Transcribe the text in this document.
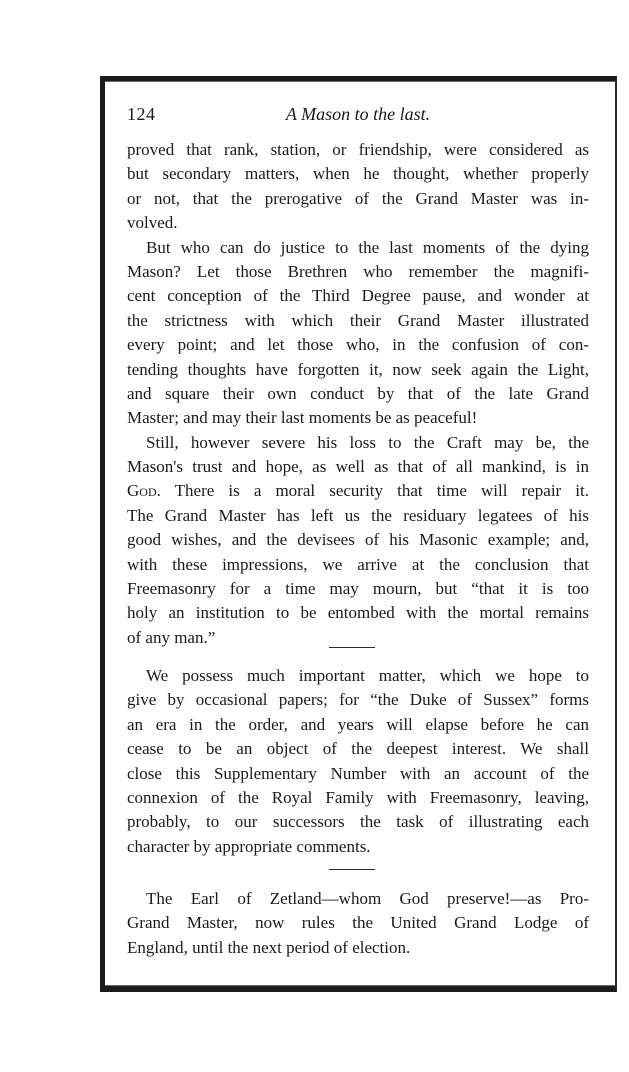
124	A Mason to the last.
proved that rank, station, or friendship, were considered as
but secondary matters, when he thought, whether properly
or not, that the prerogative of the Grand Master was in-
volved.
But who can do justice to the last moments of the dying
Mason? Let those Brethren who remember the magnifi-
cent conception of the Third Degree pause, and wonder at
the strictness with which their Grand Master illustrated
every point; and let those who, in the confusion of con-
tending thoughts have forgotten it, now seek again the Light,
and square their own conduct by that of the late Grand
Master; and may their last moments be as peaceful!
Still, however severe his loss to the Craft may be, the
Mason's trust and hope, as well as that of all mankind, is in
God. There is a moral security that time will repair it.
The Grand Master has left us the residuary legatees of his
good wishes, and the devisees of his Masonic example; and,
with these impressions, we arrive at the conclusion that
Freemasonry for a time may mourn, but “that it is too
holy an institution to be entombed with the mortal remains
of any man.”
We possess much important matter, which we hope to
give by occasional papers; for “the Duke of Sussex” forms
an era in the order, and years will elapse before he can
cease to be an object of the deepest interest. We shall
close this Supplementary Number with an account of the
connexion of the Royal Family with Freemasonry, leaving,
probably, to our successors the task of illustrating each
character by appropriate comments.
The Earl of Zetland—whom God preserve!—as Pro-
Grand Master, now rules the United Grand Lodge of
England, until the next period of election.
